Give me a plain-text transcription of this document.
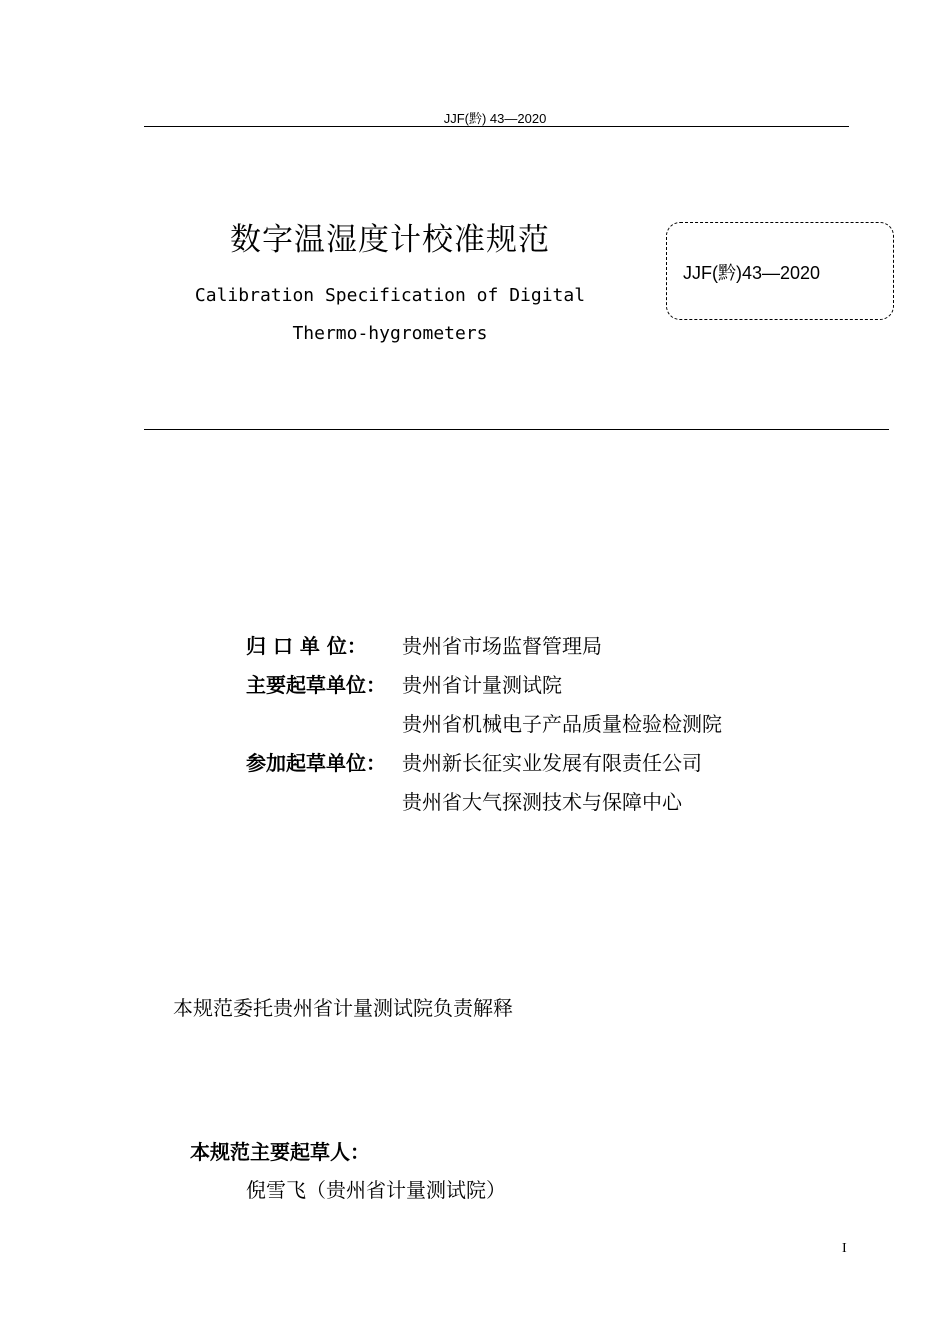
JJF(黔) 43—2020
数字温湿度计校准规范
Calibration Specification of Digital
Thermo-hygrometers
JJF(黔)43—2020
归 口 单 位： 贵州省市场监督管理局
主要起草单位： 贵州省计量测试院
贵州省机械电子产品质量检验检测院
参加起草单位： 贵州新长征实业发展有限责任公司
贵州省大气探测技术与保障中心
本规范委托贵州省计量测试院负责解释
本规范主要起草人：
倪雪飞（贵州省计量测试院）
I
